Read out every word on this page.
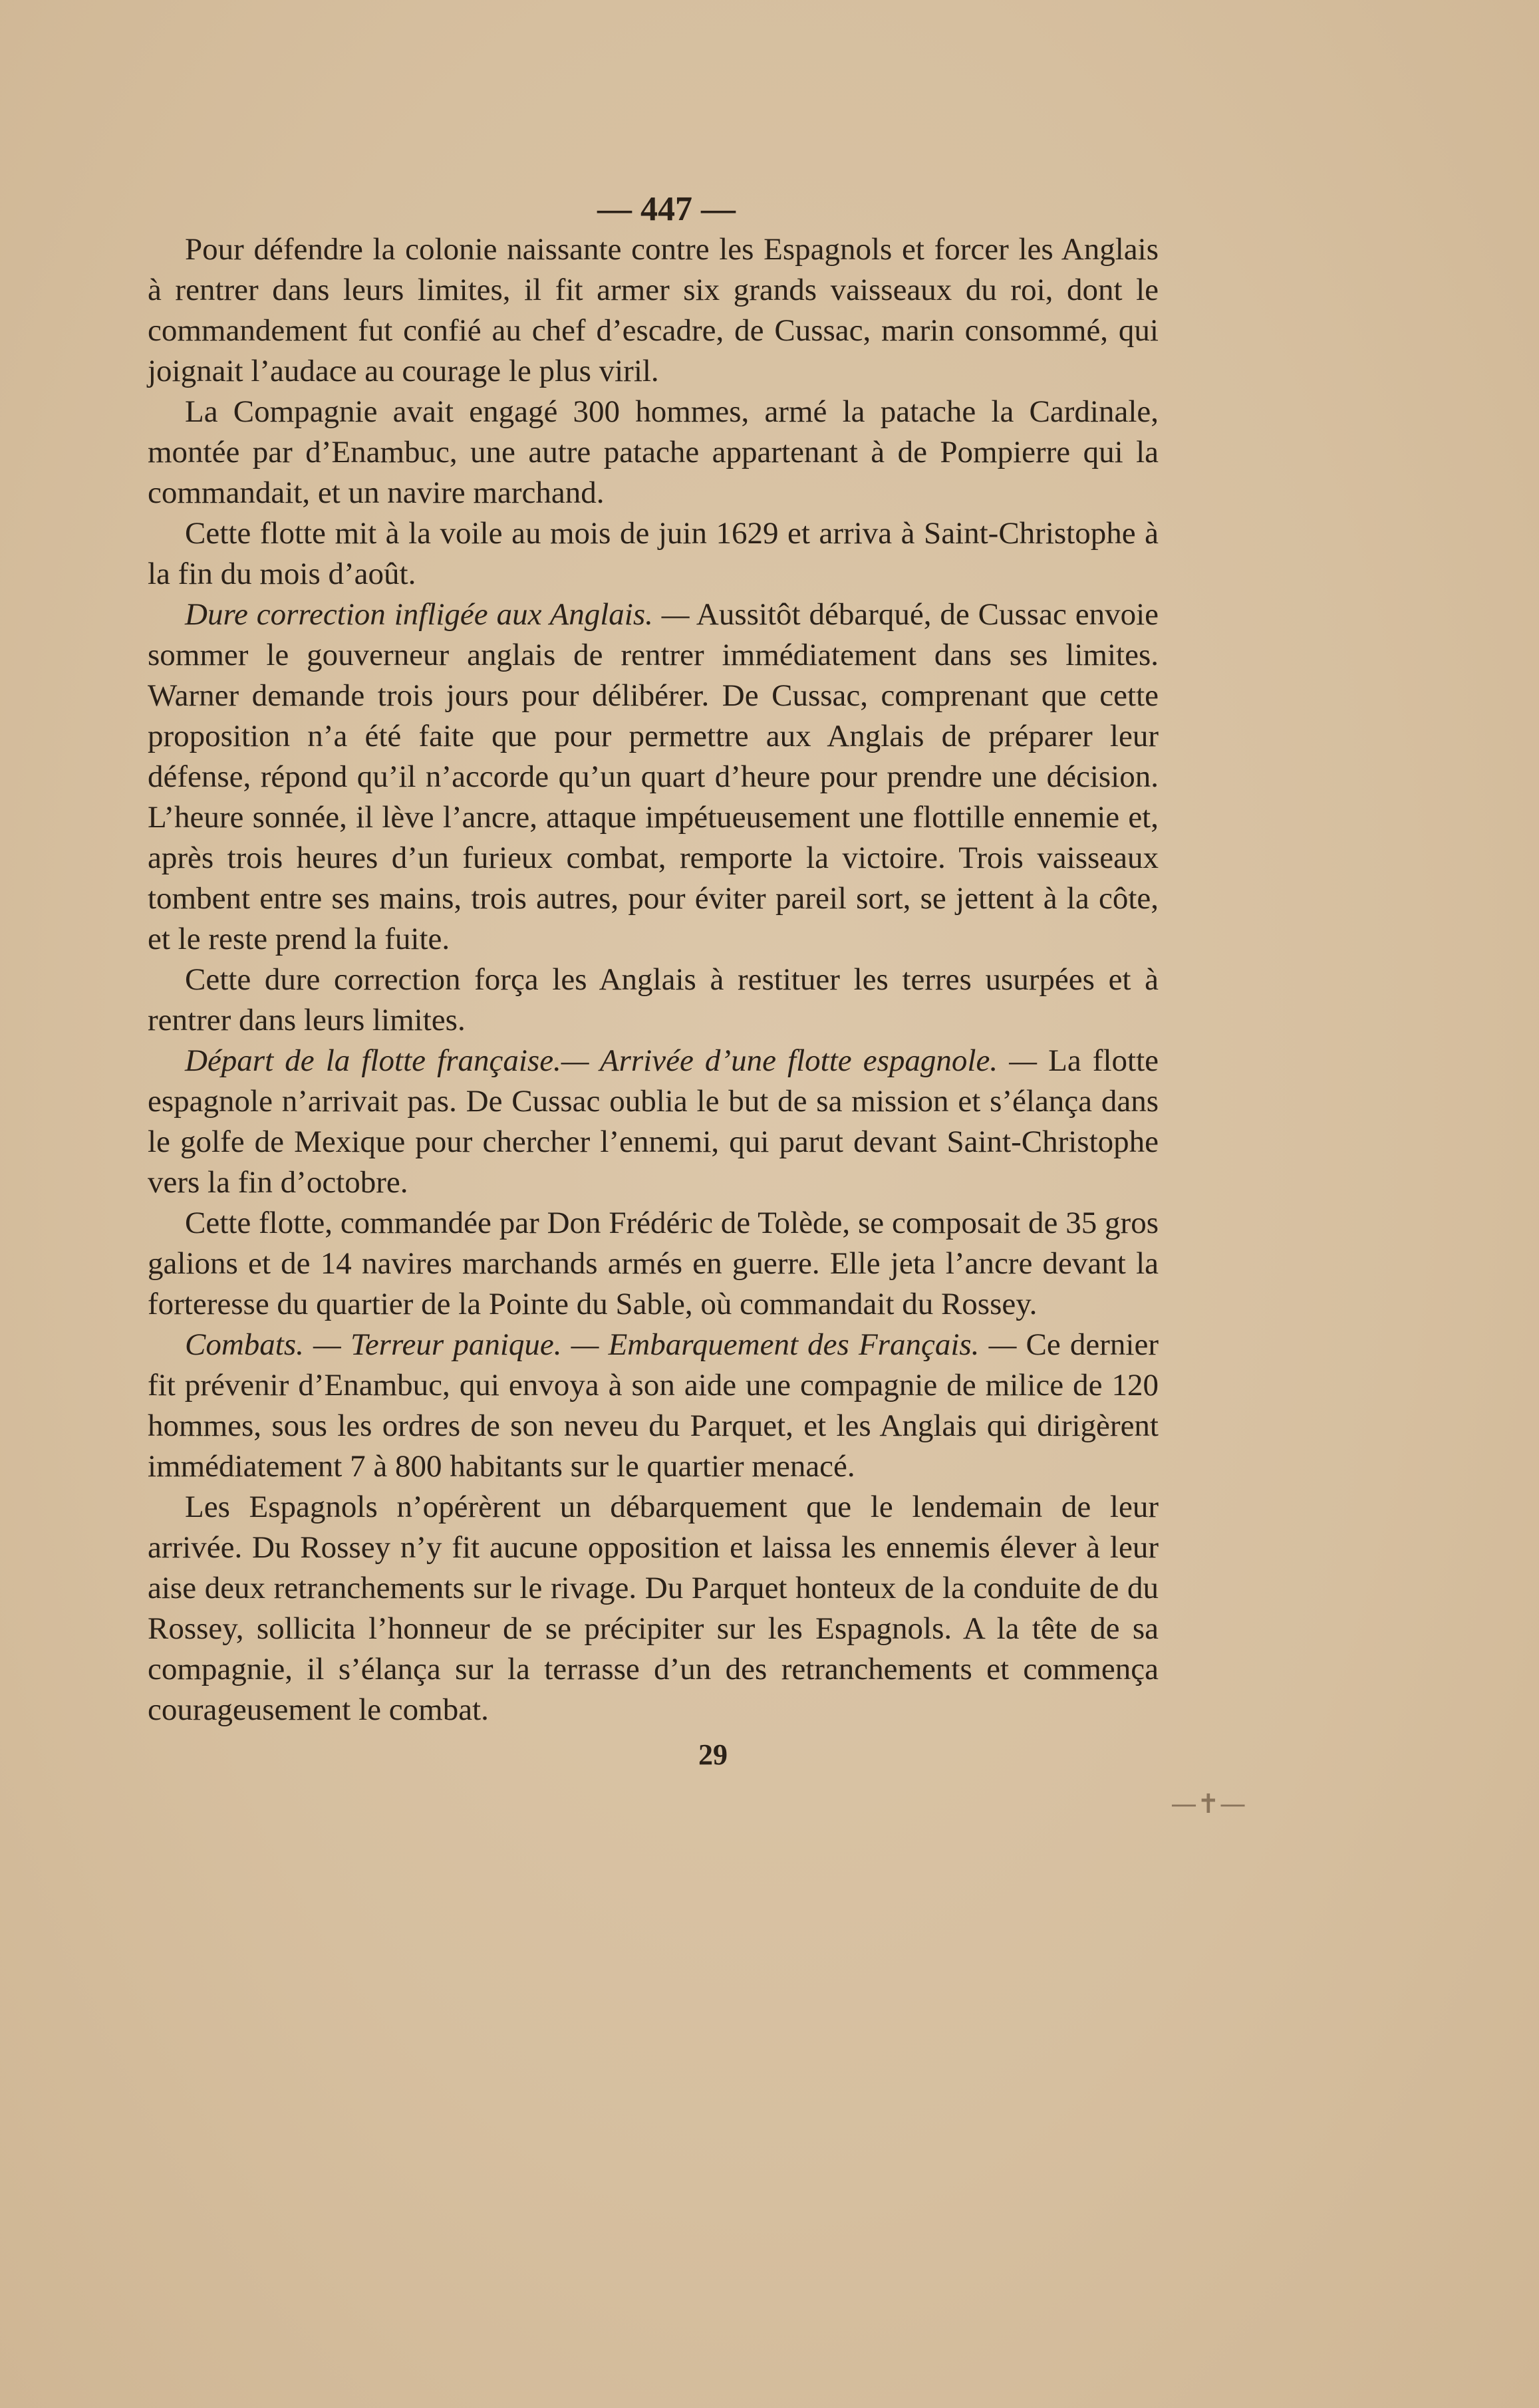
— 447 —

Pour défendre la colonie naissante contre les Espagnols et forcer les Anglais à rentrer dans leurs limites, il fit armer six grands vaisseaux du roi, dont le commandement fut confié au chef d’escadre, de Cussac, marin consommé, qui joignait l’audace au courage le plus viril.

La Compagnie avait engagé 300 hommes, armé la patache la Cardinale, montée par d’Enambuc, une autre patache appartenant à de Pompierre qui la commandait, et un navire marchand.

Cette flotte mit à la voile au mois de juin 1629 et arriva à Saint-Christophe à la fin du mois d’août.

Dure correction infligée aux Anglais. — Aussitôt débarqué, de Cussac envoie sommer le gouverneur anglais de rentrer immédiatement dans ses limites. Warner demande trois jours pour délibérer. De Cussac, comprenant que cette proposition n’a été faite que pour permettre aux Anglais de préparer leur défense, répond qu’il n’accorde qu’un quart d’heure pour prendre une décision. L’heure sonnée, il lève l’ancre, attaque impétueusement une flottille ennemie et, après trois heures d’un furieux combat, remporte la victoire. Trois vaisseaux tombent entre ses mains, trois autres, pour éviter pareil sort, se jettent à la côte, et le reste prend la fuite.

Cette dure correction força les Anglais à restituer les terres usurpées et à rentrer dans leurs limites.

Départ de la flotte française.— Arrivée d’une flotte espagnole. — La flotte espagnole n’arrivait pas. De Cussac oublia le but de sa mission et s’élança dans le golfe de Mexique pour chercher l’ennemi, qui parut devant Saint-Christophe vers la fin d’octobre.

Cette flotte, commandée par Don Frédéric de Tolède, se composait de 35 gros galions et de 14 navires marchands armés en guerre. Elle jeta l’ancre devant la forteresse du quartier de la Pointe du Sable, où commandait du Rossey.

Combats. — Terreur panique. — Embarquement des Français. — Ce dernier fit prévenir d’Enambuc, qui envoya à son aide une compagnie de milice de 120 hommes, sous les ordres de son neveu du Parquet, et les Anglais qui dirigèrent immédiatement 7 à 800 habitants sur le quartier menacé.

Les Espagnols n’opérèrent un débarquement que le lendemain de leur arrivée. Du Rossey n’y fit aucune opposition et laissa les ennemis élever à leur aise deux retranchements sur le rivage. Du Parquet honteux de la conduite de du Rossey, sollicita l’honneur de se précipiter sur les Espagnols. A la tête de sa compagnie, il s’élança sur la terrasse d’un des retranchements et commença courageusement le combat.

29
—✝—
